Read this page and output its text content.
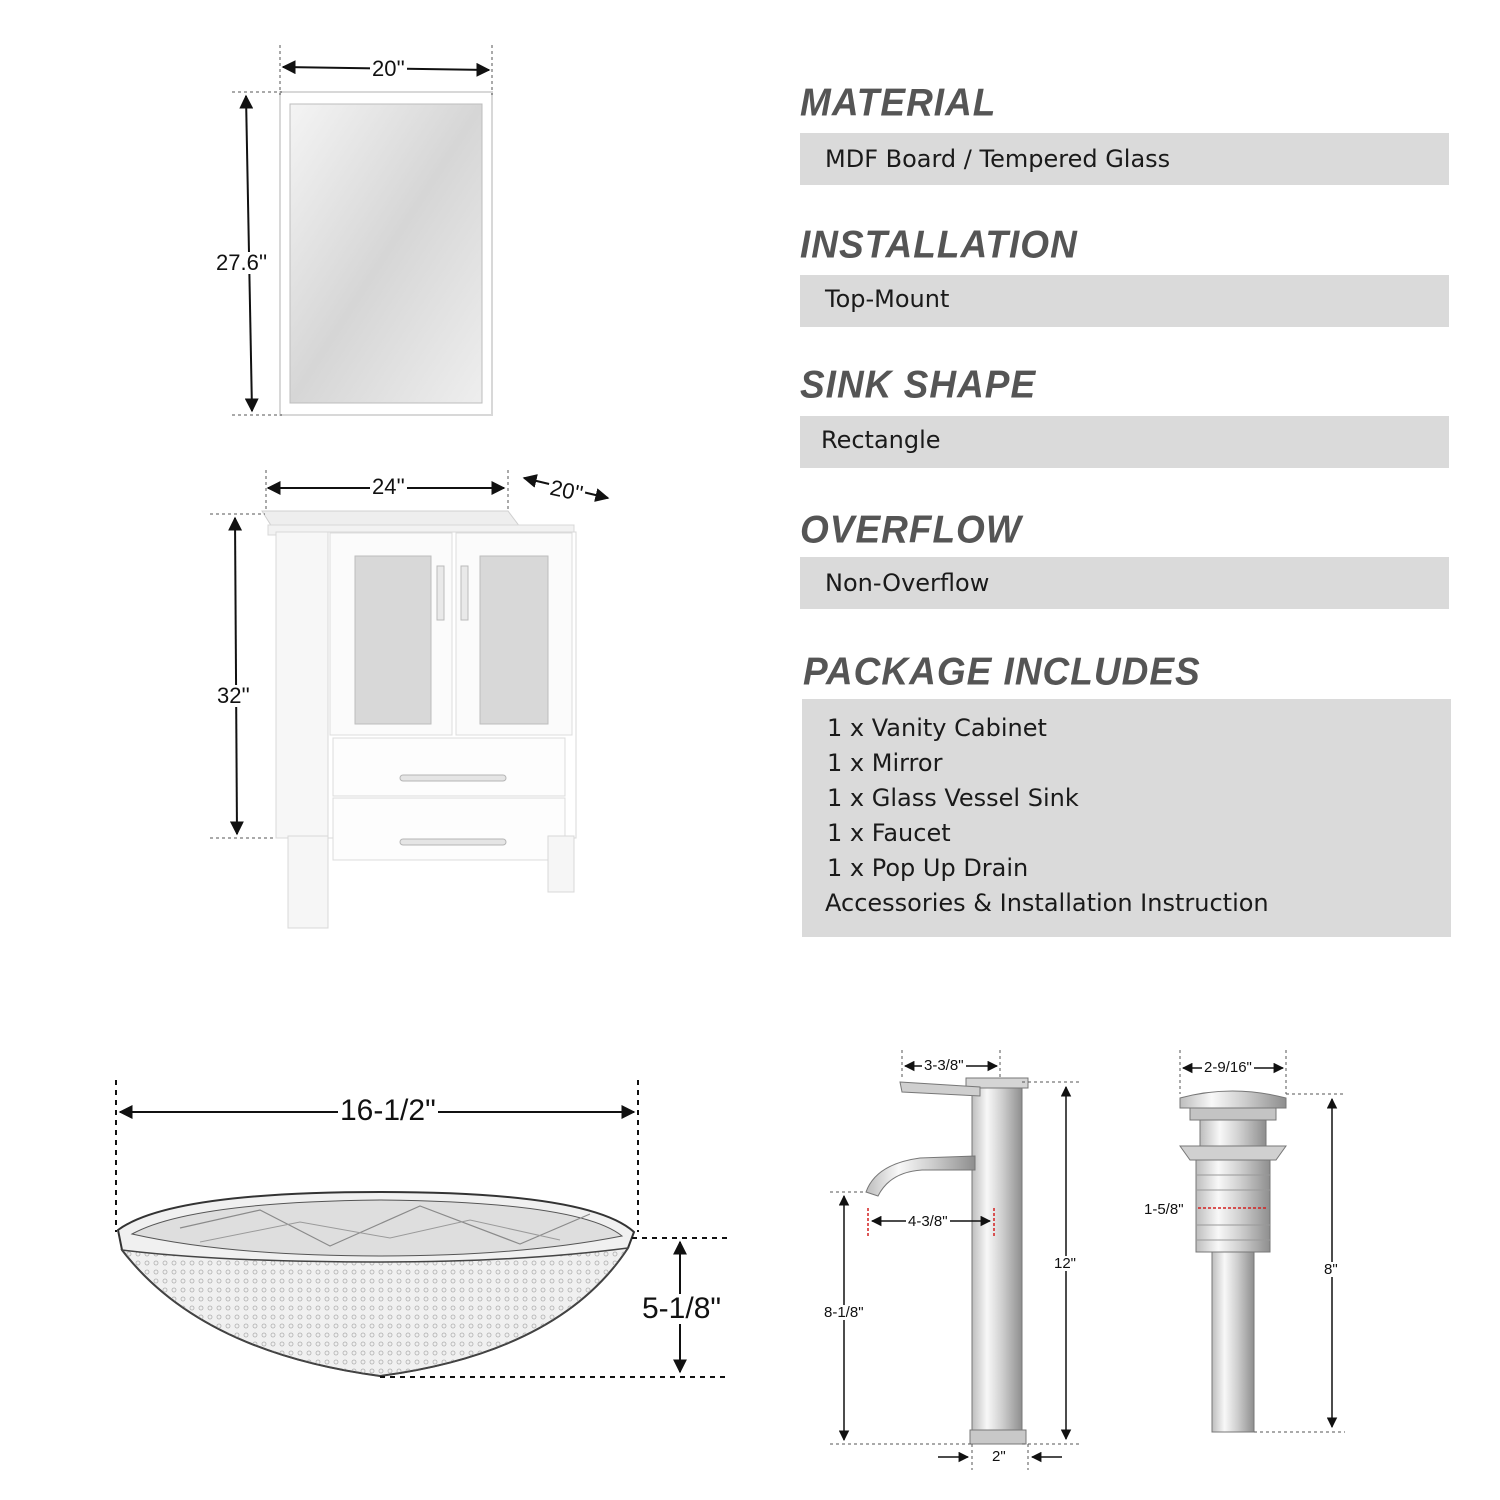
20''
27.6''
24''	20''
32''
16-1/2"
5-1/8"
3-3/8"
4-3/8"
12"
8-1/8"
2"
2-9/16"
1-5/8"
8"
MATERIAL
MDF Board / Tempered Glass
INSTALLATION
Top-Mount
SINK SHAPE
Rectangle
OVERFLOW
Non-Overflow
PACKAGE INCLUDES
1 x Vanity Cabinet
1 x Mirror
1 x Glass Vessel Sink
1 x Faucet
1 x Pop Up Drain
Accessories & Installation Instruction
